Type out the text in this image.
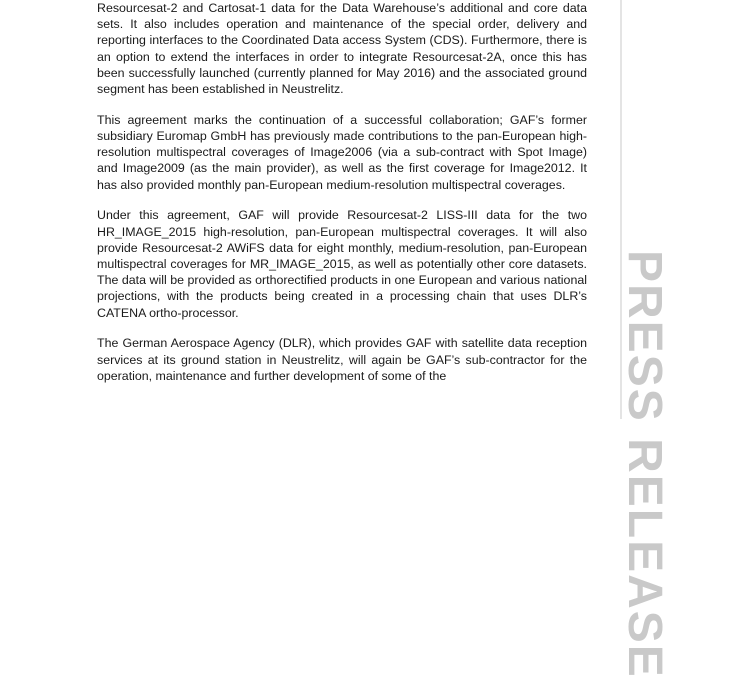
Resourcesat-2 and Cartosat-1 data for the Data Warehouse’s additional and core data sets. It also includes operation and maintenance of the special order, delivery and reporting interfaces to the Coordinated Data access System (CDS). Furthermore, there is an option to extend the interfaces in order to integrate Resourcesat-2A, once this has been successfully launched (currently planned for May 2016) and the associated ground segment has been established in Neustrelitz.

This agreement marks the continuation of a successful collaboration; GAF’s former subsidiary Euromap GmbH has previously made contributions to the pan-European high-resolution multispectral coverages of Image2006 (via a sub-contract with Spot Image) and Image2009 (as the main provider), as well as the first coverage for Image2012. It has also provided monthly pan-European medium-resolution multispectral coverages.

Under this agreement, GAF will provide Resourcesat-2 LISS-III data for the two HR_IMAGE_2015 high-resolution, pan-European multispectral coverages. It will also provide Resourcesat-2 AWiFS data for eight monthly, medium-resolution, pan-European multispectral coverages for MR_IMAGE_2015, as well as potentially other core datasets. The data will be provided as orthorectified products in one European and various national projections, with the products being created in a processing chain that uses DLR’s CATENA ortho-processor.

The German Aerospace Agency (DLR), which provides GAF with satellite data reception services at its ground station in Neustrelitz, will again be GAF’s sub-contractor for the operation, maintenance and further development of some of the	PRESS RELEASE
